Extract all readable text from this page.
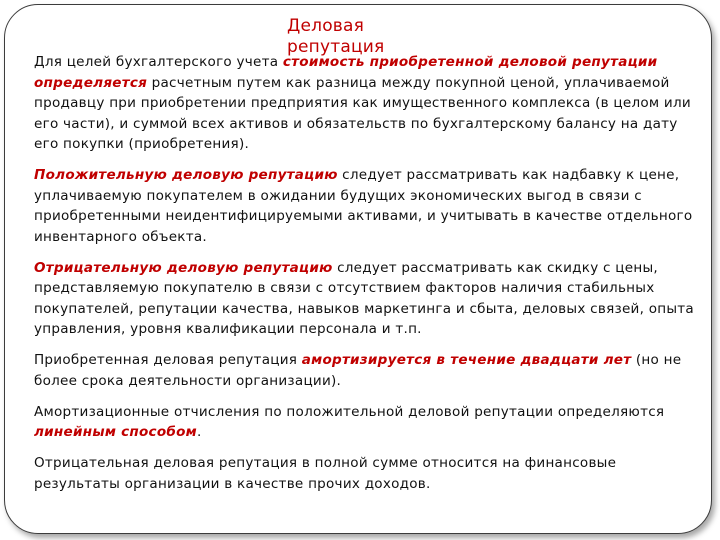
Деловая репутация

Для целей бухгалтерского учета стоимость приобретенной деловой репутации определяется расчетным путем как разница между покупной ценой, уплачиваемой продавцу при приобретении предприятия как имущественного комплекса (в целом или его части), и суммой всех активов и обязательств по бухгалтерскому балансу на дату его покупки (приобретения).

Положительную деловую репутацию следует рассматривать как надбавку к цене, уплачиваемую покупателем в ожидании будущих экономических выгод в связи с приобретенными неидентифицируемыми активами, и учитывать в качестве отдельного инвентарного объекта.

Отрицательную деловую репутацию следует рассматривать как скидку с цены, представляемую покупателю в связи с отсутствием факторов наличия стабильных покупателей, репутации качества, навыков маркетинга и сбыта, деловых связей, опыта управления, уровня квалификации персонала и т.п.

Приобретенная деловая репутация амортизируется в течение двадцати лет (но не более срока деятельности организации).

Амортизационные отчисления по положительной деловой репутации определяются линейным способом.

Отрицательная деловая репутация в полной сумме относится на финансовые результаты организации в качестве прочих доходов.
